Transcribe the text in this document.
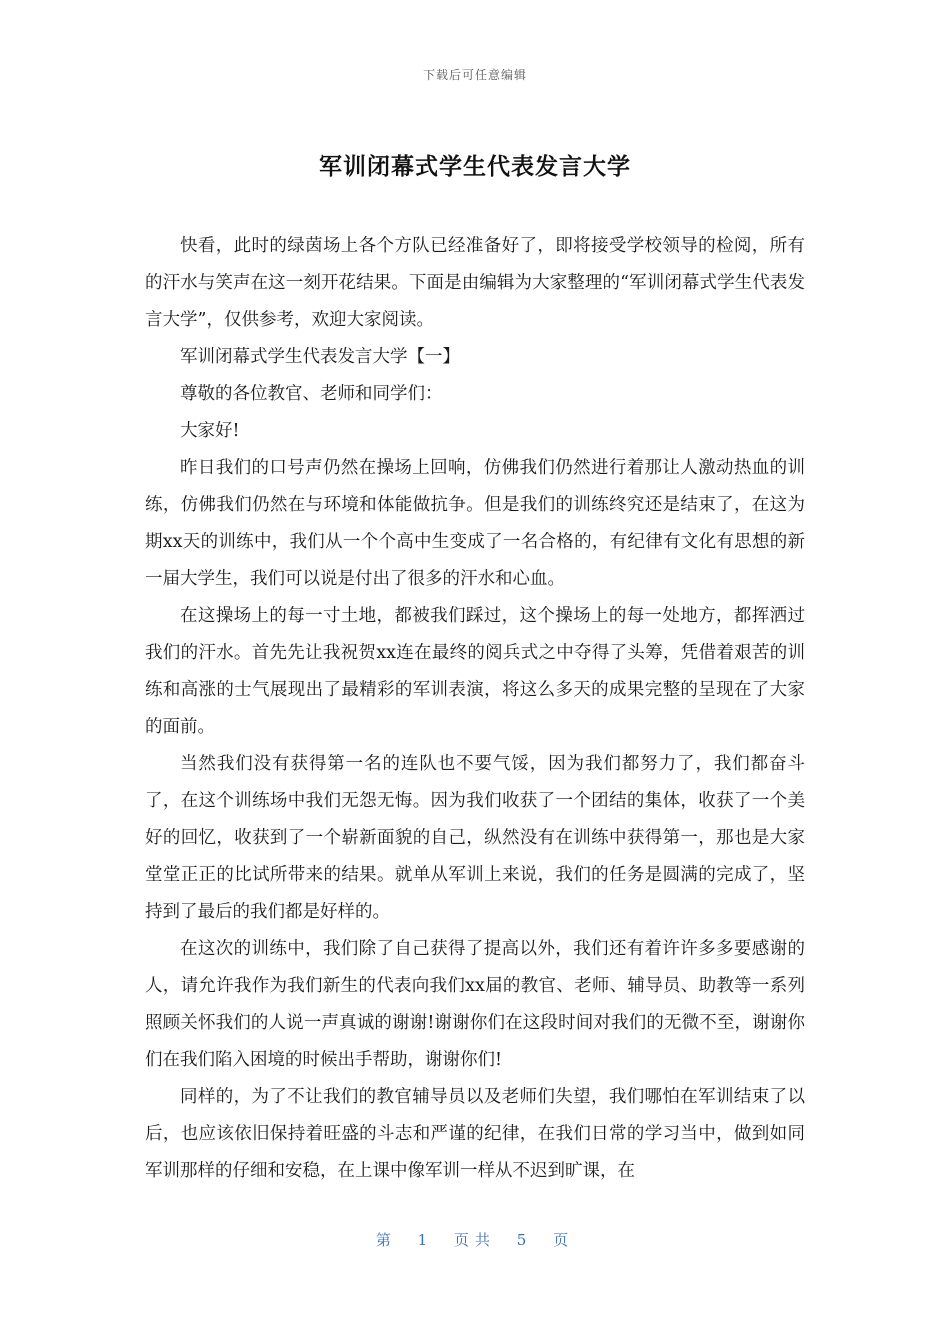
下载后可任意编辑
军训闭幕式学生代表发言大学

快看，此时的绿茵场上各个方队已经准备好了，即将接受学校领导的检阅，所有的汗水与笑声在这一刻开花结果。下面是由编辑为大家整理的“军训闭幕式学生代表发言大学”，仅供参考，欢迎大家阅读。

军训闭幕式学生代表发言大学【一】

尊敬的各位教官、老师和同学们：

大家好!

昨日我们的口号声仍然在操场上回响，仿佛我们仍然进行着那让人激动热血的训练，仿佛我们仍然在与环境和体能做抗争。但是我们的训练终究还是结束了，在这为期xx天的训练中，我们从一个个高中生变成了一名合格的，有纪律有文化有思想的新一届大学生，我们可以说是付出了很多的汗水和心血。

在这操场上的每一寸土地，都被我们踩过，这个操场上的每一处地方，都挥洒过我们的汗水。首先先让我祝贺xx连在最终的阅兵式之中夺得了头筹，凭借着艰苦的训练和高涨的士气展现出了最精彩的军训表演，将这么多天的成果完整的呈现在了大家的面前。

当然我们没有获得第一名的连队也不要气馁，因为我们都努力了，我们都奋斗了，在这个训练场中我们无怨无悔。因为我们收获了一个团结的集体，收获了一个美好的回忆，收获到了一个崭新面貌的自己，纵然没有在训练中获得第一，那也是大家堂堂正正的比试所带来的结果。就单从军训上来说，我们的任务是圆满的完成了，坚持到了最后的我们都是好样的。

在这次的训练中，我们除了自己获得了提高以外，我们还有着许许多多要感谢的人，请允许我作为我们新生的代表向我们xx届的教官、老师、辅导员、助教等一系列照顾关怀我们的人说一声真诚的谢谢!谢谢你们在这段时间对我们的无微不至，谢谢你们在我们陷入困境的时候出手帮助，谢谢你们!

同样的，为了不让我们的教官辅导员以及老师们失望，我们哪怕在军训结束了以后，也应该依旧保持着旺盛的斗志和严谨的纪律，在我们日常的学习当中，做到如同军训那样的仔细和安稳，在上课中像军训一样从不迟到旷课，在

第 1 页共 5 页
